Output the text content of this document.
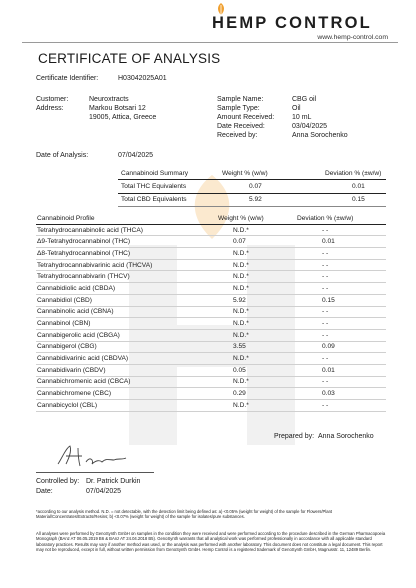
HEMP CONTROL
www.hemp-control.com
CERTIFICATE OF ANALYSIS
Certificate Identifier:	H03042025A01
Customer:	Neuroxtracts
Address:	Markou Botsari 12
19005, Attica, Greece
Sample Name:	CBG oil
Sample Type:	Oil
Amount Received:	10 mL
Date Received:	03/04/2025
Received by:	Anna Sorochenko
Date of Analysis:	07/04/2025
Cannabinoid Summary	Weight % (w/w)	Deviation % (±w/w)
Total THC Equivalents	0.07	0.01
Total CBD Equivalents	5.92	0.15
Cannabinoid Profile	Weight % (w/w)	Deviation % (±w/w)
Tetrahydrocannabinolic acid (THCA)	N.D.*	- -
Δ9-Tetrahydrocannabinol (THC)	0.07	0.01
Δ8-Tetrahydrocannabinol (THC)	N.D.*	- -
Tetrahydrocannabivarinic acid (THCVA)	N.D.*	- -
Tetrahydrocannabivarin (THCV)	N.D.*	- -
Cannabidiolic acid (CBDA)	N.D.*	- -
Cannabidiol (CBD)	5.92	0.15
Cannabinolic acid (CBNA)	N.D.*	- -
Cannabinol (CBN)	N.D.*	- -
Cannabigerolic acid (CBGA)	N.D.*	- -
Cannabigerol (CBG)	3.55	0.09
Cannabidivarinic acid (CBDVA)	N.D.*	- -
Cannabidivarin (CBDV)	0.05	0.01
Cannabichromenic acid (CBCA)	N.D.*	- -
Cannabichromene (CBC)	0.29	0.03
Cannabicyclol (CBL)	N.D.*	- -
Prepared by: Anna Sorochenko
Controlled by: Dr. Patrick Durkin
Date:	07/04/2025
*according to our analysis method. N.D. = not detectable, with the detection limit being defined as: a) <0.05% (weight for weight) of the sample for Flowers/Plant Material/Concentrates/Extracts/Resins; b) <0.07% (weight for weight) of the sample for isolates/pure substances.
All analyses were performed by GenoSynth GmbH on samples in the condition they were received and were performed according to the procedure described in the German Pharmacopoeia Monograph (BAnz AT 06.05.2019 B6 & BAnz AT 24.04.2018 B5). GenoSynth warrants that all analytical work was performed professionally in accordance with all applicable standard laboratory practices. Results may vary if another method was used, or the analysis was performed with another laboratory. This document does not constitute a legal document. This report may not be reproduced, except in full, without written permission from GenoSynth GmbH. Hemp Control is a registered trademark of GenoSynth GmbH, Magnusstr. 11, 12489 Berlin.
